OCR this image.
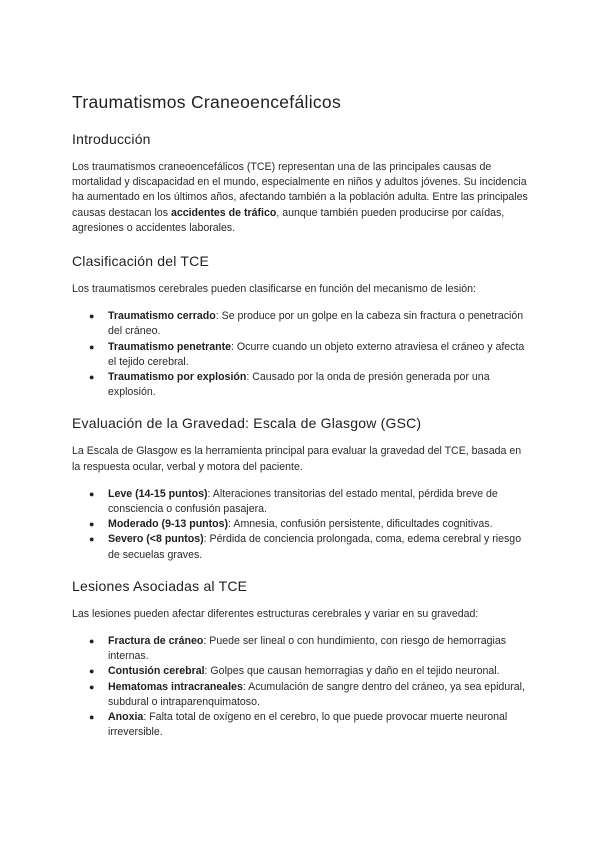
Traumatismos Craneoencefálicos
Introducción

Los traumatismos craneoencefálicos (TCE) representan una de las principales causas de mortalidad y discapacidad en el mundo, especialmente en niños y adultos jóvenes. Su incidencia ha aumentado en los últimos años, afectando también a la población adulta. Entre las principales causas destacan los accidentes de tráfico, aunque también pueden producirse por caídas, agresiones o accidentes laborales.

Clasificación del TCE

Los traumatismos cerebrales pueden clasificarse en función del mecanismo de lesión:

● Traumatismo cerrado: Se produce por un golpe en la cabeza sin fractura o penetración del cráneo.
● Traumatismo penetrante: Ocurre cuando un objeto externo atraviesa el cráneo y afecta el tejido cerebral.
● Traumatismo por explosión: Causado por la onda de presión generada por una explosión.
Evaluación de la Gravedad: Escala de Glasgow (GSC)

La Escala de Glasgow es la herramienta principal para evaluar la gravedad del TCE, basada en la respuesta ocular, verbal y motora del paciente.

● Leve (14-15 puntos): Alteraciones transitorias del estado mental, pérdida breve de consciencia o confusión pasajera.
● Moderado (9-13 puntos): Amnesia, confusión persistente, dificultades cognitivas.
● Severo (<8 puntos): Pérdida de conciencia prolongada, coma, edema cerebral y riesgo de secuelas graves.
Lesiones Asociadas al TCE

Las lesiones pueden afectar diferentes estructuras cerebrales y variar en su gravedad:

● Fractura de cráneo: Puede ser lineal o con hundimiento, con riesgo de hemorragias internas.
● Contusión cerebral: Golpes que causan hemorragias y daño en el tejido neuronal.
● Hematomas intracraneales: Acumulación de sangre dentro del cráneo, ya sea epidural, subdural o intraparenquimatoso.
● Anoxia: Falta total de oxígeno en el cerebro, lo que puede provocar muerte neuronal irreversible.
